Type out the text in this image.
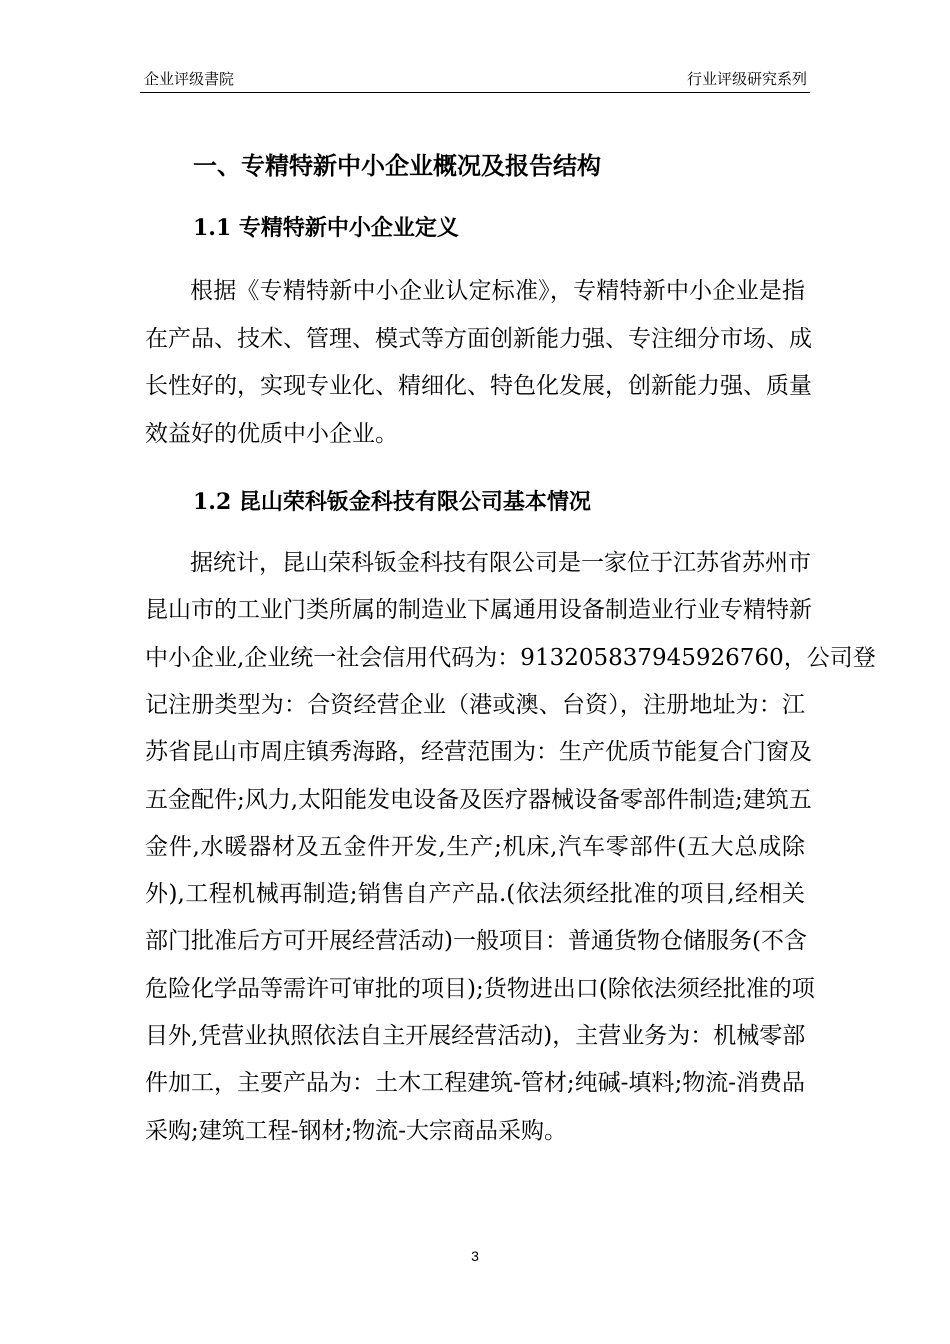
企业评级書院	行业评级研究系列
一、专精特新中小企业概况及报告结构
1.1 专精特新中小企业定义
根据《专精特新中小企业认定标准》，专精特新中小企业是指
在产品、技术、管理、模式等方面创新能力强、专注细分市场、成
长性好的，实现专业化、精细化、特色化发展，创新能力强、质量
效益好的优质中小企业。
1.2 昆山荣科钣金科技有限公司基本情况
据统计，昆山荣科钣金科技有限公司是一家位于江苏省苏州市
昆山市的工业门类所属的制造业下属通用设备制造业行业专精特新
中小企业,企业统一社会信用代码为：913205837945926760，公司登
记注册类型为：合资经营企业（港或澳、台资），注册地址为：江
苏省昆山市周庄镇秀海路，经营范围为：生产优质节能复合门窗及
五金配件;风力,太阳能发电设备及医疗器械设备零部件制造;建筑五
金件,水暖器材及五金件开发,生产;机床,汽车零部件(五大总成除
外),工程机械再制造;销售自产产品.(依法须经批准的项目,经相关
部门批准后方可开展经营活动)一般项目：普通货物仓储服务(不含
危险化学品等需许可审批的项目);货物进出口(除依法须经批准的项
目外,凭营业执照依法自主开展经营活动)，主营业务为：机械零部
件加工，主要产品为：土木工程建筑-管材;纯碱-填料;物流-消费品
采购;建筑工程-钢材;物流-大宗商品采购。
3
